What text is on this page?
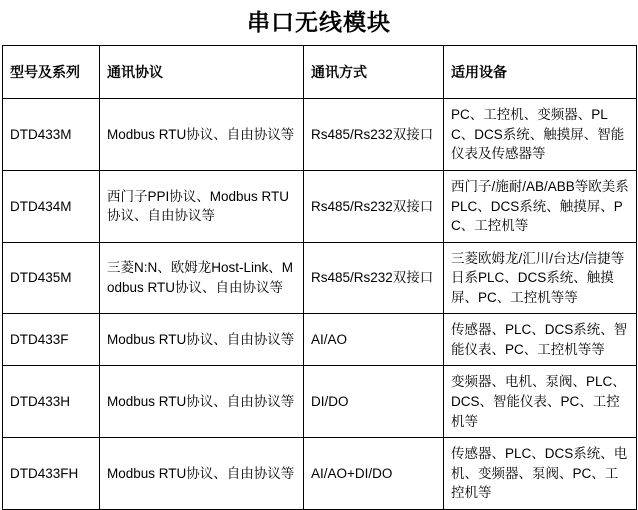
串口无线模块
型号及系列	通讯协议	通讯方式	适用设备
DTD433M	Modbus RTU协议、自由协议等	Rs485/Rs232双接口	PC、工控机、变频器、PLC、DCS系统、触摸屏、智能仪表及传感器等
DTD434M	西门子PPI协议、Modbus RTU协议、自由协议等	Rs485/Rs232双接口	西门子/施耐/AB/ABB等欧美系PLC、DCS系统、触摸屏、PC、工控机等
DTD435M	三菱N:N、欧姆龙Host-Link、Modbus RTU协议、自由协议等	Rs485/Rs232双接口	三菱欧姆龙/汇川/台达/信捷等日系PLC、DCS系统、触摸屏、PC、工控机等等
DTD433F	Modbus RTU协议、自由协议等	AI/AO	传感器、PLC、DCS系统、智能仪表、PC、工控机等等
DTD433H	Modbus RTU协议、自由协议等	DI/DO	变频器、电机、泵阀、PLC、DCS、智能仪表、PC、工控机等
DTD433FH	Modbus RTU协议、自由协议等	AI/AO+DI/DO	传感器、PLC、DCS系统、电机、变频器、泵阀、PC、工控机等
